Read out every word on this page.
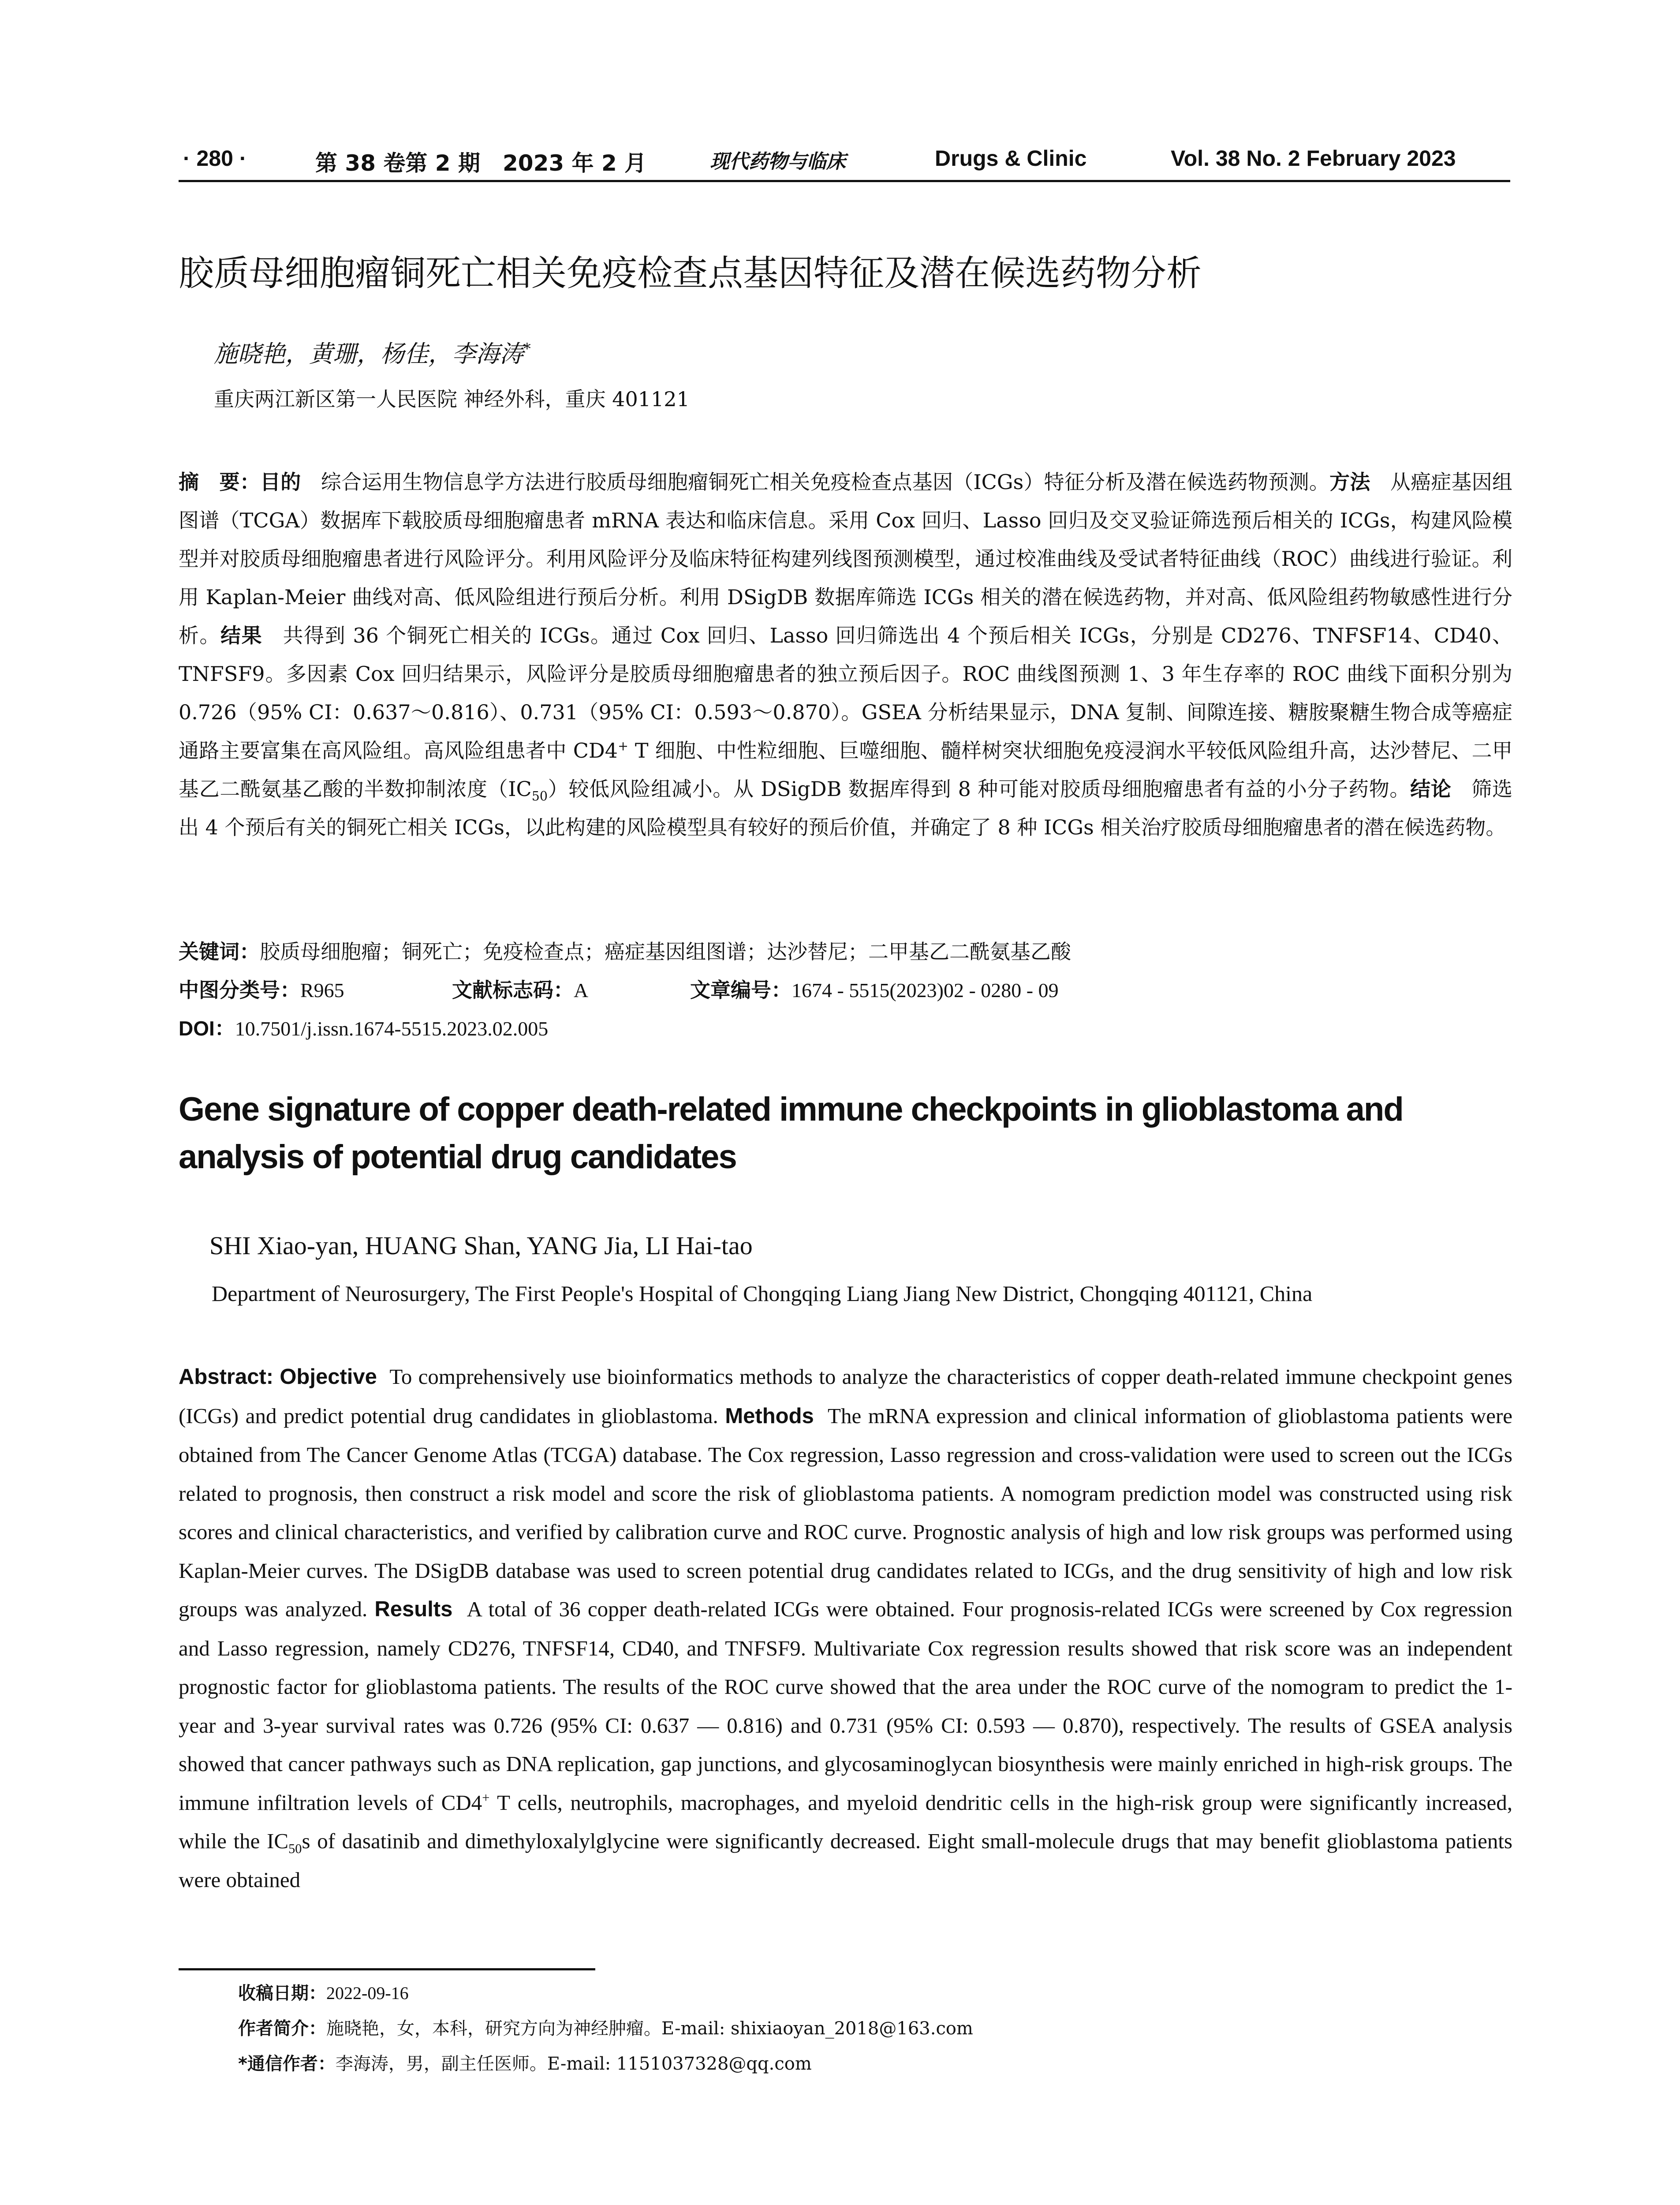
· 280 ·	第 38 卷第 2 期 2023 年 2 月	现代药物与临床	Drugs & Clinic	Vol. 38 No. 2 February 2023
胶质母细胞瘤铜死亡相关免疫检查点基因特征及潜在候选药物分析
施晓艳，黄珊，杨佳，李海涛*
重庆两江新区第一人民医院 神经外科，重庆 401121
摘　要：目的 综合运用生物信息学方法进行胶质母细胞瘤铜死亡相关免疫检查点基因（ICGs）特征分析及潜在候选药物预测。方法 从癌症基因组图谱（TCGA）数据库下载胶质母细胞瘤患者 mRNA 表达和临床信息。采用 Cox 回归、Lasso 回归及交叉验证筛选预后相关的 ICGs，构建风险模型并对胶质母细胞瘤患者进行风险评分。利用风险评分及临床特征构建列线图预测模型，通过校准曲线及受试者特征曲线（ROC）曲线进行验证。利用 Kaplan-Meier 曲线对高、低风险组进行预后分析。利用 DSigDB 数据库筛选 ICGs 相关的潜在候选药物，并对高、低风险组药物敏感性进行分析。结果 共得到 36 个铜死亡相关的 ICGs。通过 Cox 回归、Lasso 回归筛选出 4 个预后相关 ICGs，分别是 CD276、TNFSF14、CD40、TNFSF9。多因素 Cox 回归结果示，风险评分是胶质母细胞瘤患者的独立预后因子。ROC 曲线图预测 1、3 年生存率的 ROC 曲线下面积分别为 0.726（95% CI：0.637～0.816）、0.731（95% CI：0.593～0.870）。GSEA 分析结果显示，DNA 复制、间隙连接、糖胺聚糖生物合成等癌症通路主要富集在高风险组。高风险组患者中 CD4+ T 细胞、中性粒细胞、巨噬细胞、髓样树突状细胞免疫浸润水平较低风险组升高，达沙替尼、二甲基乙二酰氨基乙酸的半数抑制浓度$(IC_{50})$较低风险组减小。从 DSigDB 数据库得到 8 种可能对胶质母细胞瘤患者有益的小分子药物。结论 筛选出 4 个预后有关的铜死亡相关 ICGs，以此构建的风险模型具有较好的预后价值，并确定了 8 种 ICGs 相关治疗胶质母细胞瘤患者的潜在候选药物。
关键词：胶质母细胞瘤；铜死亡；免疫检查点；癌症基因组图谱；达沙替尼；二甲基乙二酰氨基乙酸
中图分类号：R965	文献标志码：A	文章编号：1674 - 5515(2023)02 - 0280 - 09
DOI：10.7501/j.issn.1674-5515.2023.02.005
Gene signature of copper death-related immune checkpoints in glioblastoma and analysis of potential drug candidates
SHI Xiao-yan, HUANG Shan, YANG Jia, LI Hai-tao
Department of Neurosurgery, The First People's Hospital of Chongqing Liang Jiang New District, Chongqing 401121, China
Abstract: Objective To comprehensively use bioinformatics methods to analyze the characteristics of copper death-related immune checkpoint genes (ICGs) and predict potential drug candidates in glioblastoma. Methods The mRNA expression and clinical information of glioblastoma patients were obtained from The Cancer Genome Atlas (TCGA) database. The Cox regression, Lasso regression and cross-validation were used to screen out the ICGs related to prognosis, then construct a risk model and score the risk of glioblastoma patients. A nomogram prediction model was constructed using risk scores and clinical characteristics, and verified by calibration curve and ROC curve. Prognostic analysis of high and low risk groups was performed using Kaplan-Meier curves. The DSigDB database was used to screen potential drug candidates related to ICGs, and the drug sensitivity of high and low risk groups was analyzed. Results A total of 36 copper death-related ICGs were obtained. Four prognosis-related ICGs were screened by Cox regression and Lasso regression, namely CD276, TNFSF14, CD40, and TNFSF9. Multivariate Cox regression results showed that risk score was an independent prognostic factor for glioblastoma patients. The results of the ROC curve showed that the area under the ROC curve of the nomogram to predict the 1-year and 3-year survival rates was 0.726 (95% CI: 0.637 — 0.816) and 0.731 (95% CI: 0.593 — 0.870), respectively. The results of GSEA analysis showed that cancer pathways such as DNA replication, gap junctions, and glycosaminoglycan biosynthesis were mainly enriched in high-risk groups. The immune infiltration levels of CD4+ T cells, neutrophils, macrophages, and myeloid dendritic cells in the high-risk group were significantly increased, while the $IC_{50}s$ of dasatinib and dimethyloxalylglycine were significantly decreased. Eight small-molecule drugs that may benefit glioblastoma patients were obtained
收稿日期：2022-09-16
作者简介：施晓艳，女，本科，研究方向为神经肿瘤。E-mail: shixiaoyan_2018@163.com
*通信作者：李海涛，男，副主任医师。E-mail: 1151037328@qq.com
